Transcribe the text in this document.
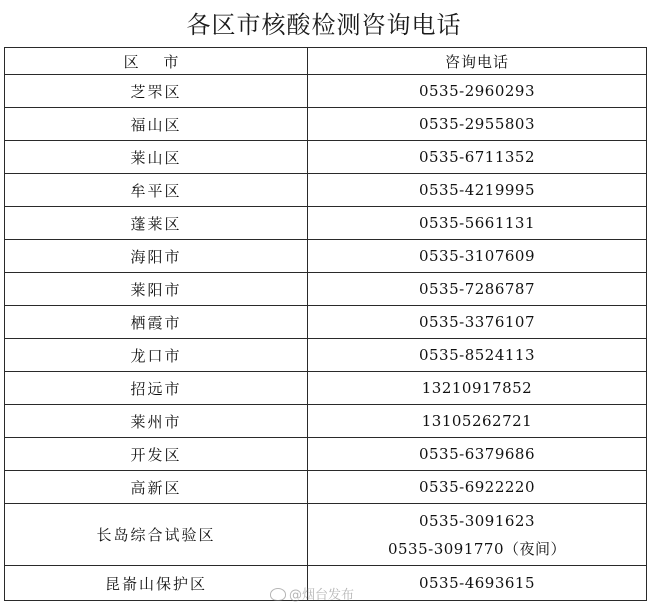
各区市核酸检测咨询电话
区 市	咨询电话
芝罘区	0535-2960293

福山区	0535-2955803

莱山区	0535-6711352

牟平区	0535-4219995

蓬莱区	0535-5661131

海阳市	0535-3107609

莱阳市	0535-7286787

栖霞市	0535-3376107

龙口市	0535-8524113

招远市	13210917852

莱州市	13105262721

开发区	0535-6379686

高新区	0535-6922220

长岛综合试验区	0535-3091623
0535-3091770（夜间）

昆嵛山保护区	0535-4693615
@烟台发布
